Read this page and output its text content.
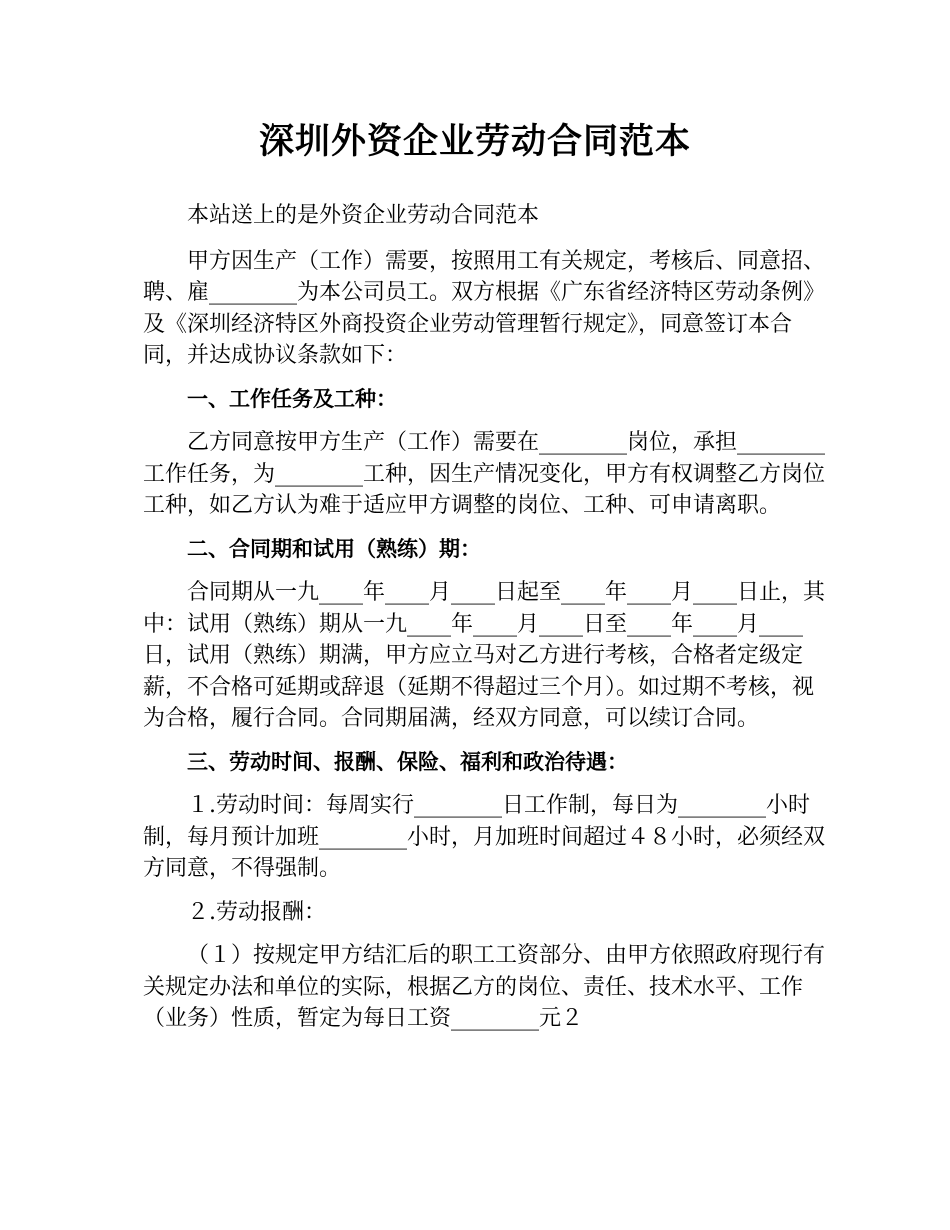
深圳外资企业劳动合同范本

本站送上的是外资企业劳动合同范本

甲方因生产（工作）需要，按照用工有关规定，考核后、同意招、聘、雇________为本公司员工。双方根据《广东省经济特区劳动条例》及《深圳经济特区外商投资企业劳动管理暂行规定》，同意签订本合同，并达成协议条款如下：

一、工作任务及工种：

乙方同意按甲方生产（工作）需要在________岗位，承担________工作任务，为________工种，因生产情况变化，甲方有权调整乙方岗位工种，如乙方认为难于适应甲方调整的岗位、工种、可申请离职。

二、合同期和试用（熟练）期：

合同期从一九____年____月____日起至____年____月____日止，其中：试用（熟练）期从一九____年____月____日至____年____月____日，试用（熟练）期满，甲方应立马对乙方进行考核，合格者定级定薪，不合格可延期或辞退（延期不得超过三个月）。如过期不考核，视为合格，履行合同。合同期届满，经双方同意，可以续订合同。

三、劳动时间、报酬、保险、福利和政治待遇：

１.劳动时间：每周实行________日工作制，每日为________小时制，每月预计加班________小时，月加班时间超过４８小时，必须经双方同意，不得强制。

２.劳动报酬：

（１）按规定甲方结汇后的职工工资部分、由甲方依照政府现行有关规定办法和单位的实际，根据乙方的岗位、责任、技术水平、工作（业务）性质，暂定为每日工资________元２
